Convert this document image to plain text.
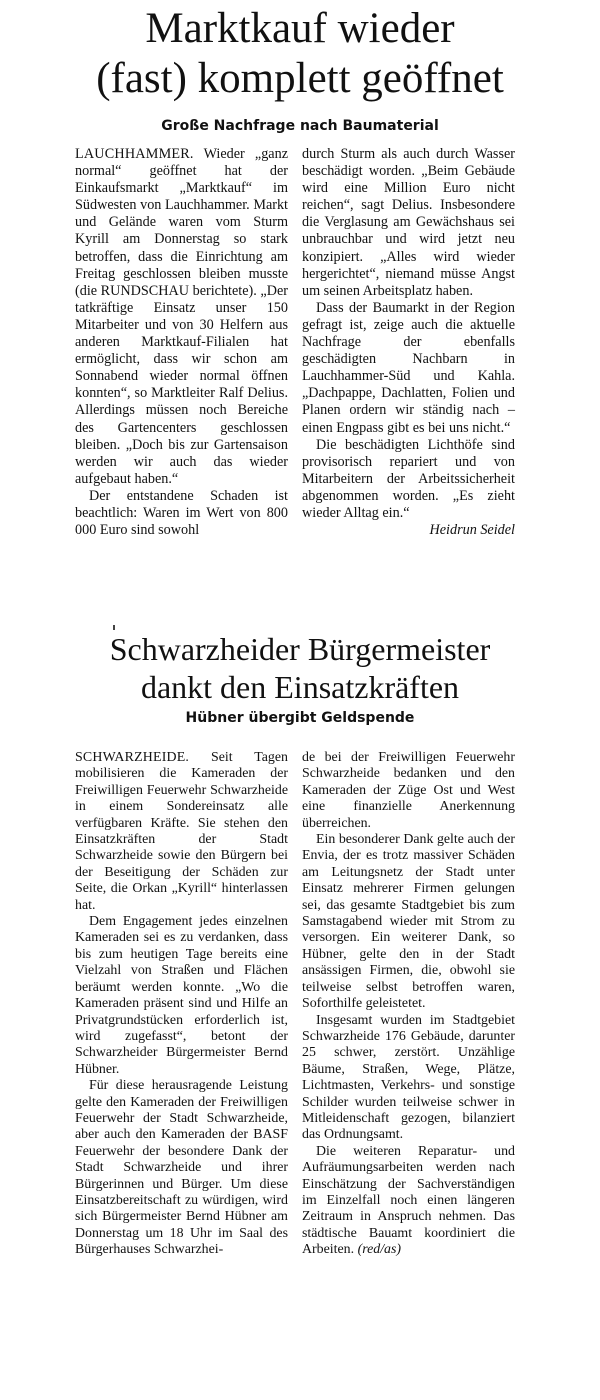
Marktkauf wieder
(fast) komplett geöffnet
Große Nachfrage nach Baumaterial

LAUCHHAMMER. Wieder „ganz normal“ geöffnet hat der Einkaufsmarkt „Marktkauf“ im Südwesten von Lauchhammer. Markt und Gelände waren vom Sturm Kyrill am Donnerstag so stark betroffen, dass die Einrichtung am Freitag geschlossen bleiben musste (die RUNDSCHAU berichtete). „Der tatkräftige Einsatz unser 150 Mitarbeiter und von 30 Helfern aus anderen Marktkauf-Filialen hat ermöglicht, dass wir schon am Sonnabend wieder normal öffnen konnten“, so Marktleiter Ralf Delius. Allerdings müssen noch Bereiche des Gartencenters geschlossen bleiben. „Doch bis zur Gartensaison werden wir auch das wieder aufgebaut haben.“

Der entstandene Schaden ist beachtlich: Waren im Wert von 800 000 Euro sind sowohl

durch Sturm als auch durch Wasser beschädigt worden. „Beim Gebäude wird eine Million Euro nicht reichen“, sagt Delius. Insbesondere die Verglasung am Gewächshaus sei unbrauchbar und wird jetzt neu konzipiert. „Alles wird wieder hergerichtet“, niemand müsse Angst um seinen Arbeitsplatz haben.

Dass der Baumarkt in der Region gefragt ist, zeige auch die aktuelle Nachfrage der ebenfalls geschädigten Nachbarn in Lauchhammer-Süd und Kahla. „Dachpappe, Dachlatten, Folien und Planen ordern wir ständig nach – einen Engpass gibt es bei uns nicht.“

Die beschädigten Lichthöfe sind provisorisch repariert und von Mitarbeitern der Arbeitssicherheit abgenommen worden. „Es zieht wieder Alltag ein.“

Heidrun Seidel
Schwarzheider Bürgermeister
dankt den Einsatzkräften
Hübner übergibt Geldspende

SCHWARZHEIDE. Seit Tagen mobilisieren die Kameraden der Freiwilligen Feuerwehr Schwarzheide in einem Sondereinsatz alle verfügbaren Kräfte. Sie stehen den Einsatzkräften der Stadt Schwarzheide sowie den Bürgern bei der Beseitigung der Schäden zur Seite, die Orkan „Kyrill“ hinterlassen hat.

Dem Engagement jedes einzelnen Kameraden sei es zu verdanken, dass bis zum heutigen Tage bereits eine Vielzahl von Straßen und Flächen beräumt werden konnte. „Wo die Kameraden präsent sind und Hilfe an Privatgrundstücken erforderlich ist, wird zugefasst“, betont der Schwarzheider Bürgermeister Bernd Hübner.

Für diese herausragende Leistung gelte den Kameraden der Freiwilligen Feuerwehr der Stadt Schwarzheide, aber auch den Kameraden der BASF Feuerwehr der besondere Dank der Stadt Schwarzheide und ihrer Bürgerinnen und Bürger. Um diese Einsatzbereitschaft zu würdigen, wird sich Bürgermeister Bernd Hübner am Donnerstag um 18 Uhr im Saal des Bürgerhauses Schwarzhei-

de bei der Freiwilligen Feuerwehr Schwarzheide bedanken und den Kameraden der Züge Ost und West eine finanzielle Anerkennung überreichen.

Ein besonderer Dank gelte auch der Envia, der es trotz massiver Schäden am Leitungsnetz der Stadt unter Einsatz mehrerer Firmen gelungen sei, das gesamte Stadtgebiet bis zum Samstagabend wieder mit Strom zu versorgen. Ein weiterer Dank, so Hübner, gelte den in der Stadt ansässigen Firmen, die, obwohl sie teilweise selbst betroffen waren, Soforthilfe geleistetet.

Insgesamt wurden im Stadtgebiet Schwarzheide 176 Gebäude, darunter 25 schwer, zerstört. Unzählige Bäume, Straßen, Wege, Plätze, Lichtmasten, Verkehrs- und sonstige Schilder wurden teilweise schwer in Mitleidenschaft gezogen, bilanziert das Ordnungsamt.

Die weiteren Reparatur- und Aufräumungsarbeiten werden nach Einschätzung der Sachverständigen im Einzelfall noch einen längeren Zeitraum in Anspruch nehmen. Das städtische Bauamt koordiniert die Arbeiten. (red/as)
